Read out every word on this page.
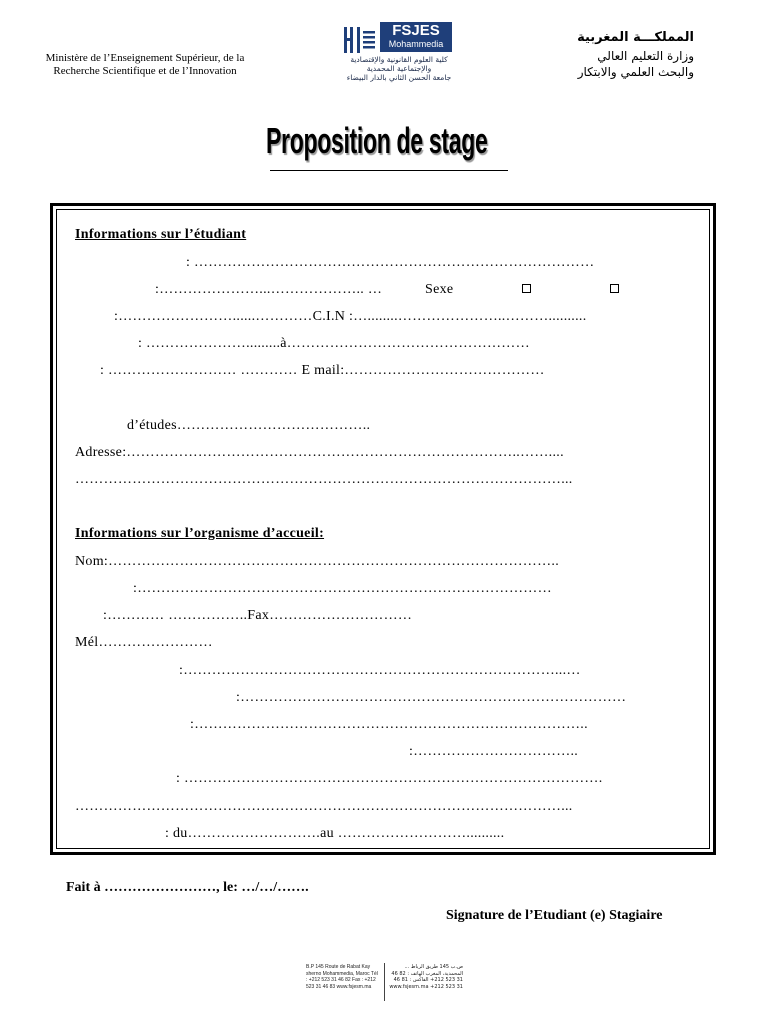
Ministère de l’Enseignement Supérieur, de la Recherche Scientifique et de l’Innovation
FSJES
Mohammedia
كلية العلوم القانونية والإقتصادية والإجتماعية المحمدية
جامعة الحسن الثاني بالدار البيضاء
المملكـــة المغربية
وزارة التعليم العالي
والبحث العلمي والابتكار
Proposition de stage
Informations sur l’étudiant
: …………………………………………………………………………
:…………………...……………….. …	Sexe
:……………………......…………C.I.N :…........…………………..………..........
: ………………….........à……………………………………………
: ……………………… ………… E mail:……………………………………
d’études…………………………………..
Adresse:………………………………………………………………………..……....
…………………………………………………………………………………………...
Informations sur l’organisme d’accueil:
Nom:…………………………………………………………………………………..
:……………………………………………………………………………
:………… ……………..Fax…………………………
Mél……………………
:……………………………………………………………………...…
:………………………………………………………………………
:………………………………………………………………………..
:……………………………..
: …………………………………………………………………………….
…………………………………………………………………………………………...
: du……………………….au ………………………..........
Fait à ……………………, le: …/…/…….
Signature de l’Etudiant (e) Stagiaire
B.P 145 Route de Rabat Kay sherno Mohammedia, Maroc Tél : +212 523 31 46 82 Fax : +212 523 31 46 83 www.fsjesm.ma
ص.ب 145 طريق الرباط ... المحمدية، المغرب الهاتف : 82 46 31 523 212+ الفاكس : 81 46 31 523 212+ www.fsjesm.ma
